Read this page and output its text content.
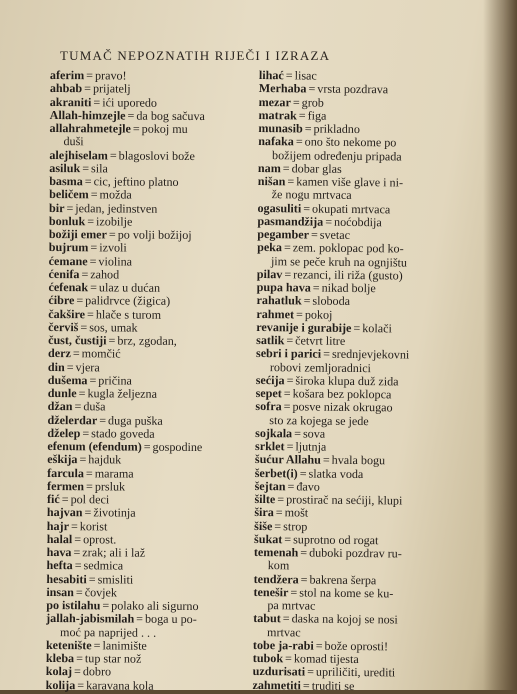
TUMAČ NEPOZNATIH RIJEČI I IZRAZA
aferim = pravo!
ahbab = prijatelj
akraniti = ići uporedo
Allah-himzejle = da bog sačuva
allahrahmetejle = pokoj mu
duši
alejhiselam = blagoslovi bože
asiluk = sila
basma = cic, jeftino platno
beličem = možda
bir = jedan, jedinstven
bonluk = izobilje
božiji emer = po volji božijoj
bujrum = izvoli
ćemane = violina
ćenifa = zahod
ćefenak = ulaz u dućan
ćibre = palidrvce (žigica)
čakšire = hlače s turom
červiš = sos, umak
čust, čustiji = brz, zgodan,
derz = momčić
din = vjera
dušema = pričina
dunle = kugla željezna
džan = duša
dželerdar = duga puška
dželep = stado goveda
efenum (efendum) = gospodine
eškija = hajduk
farcula = marama
fermen = prsluk
fić = pol deci
hajvan = životinja
hajr = korist
halal = oprost.
hava = zrak; ali i laž
hefta = sedmica
hesabiti = smisliti
insan = čovjek
po istilahu = polako ali sigurno
jallah-jabismilah = boga u po-
moć pa naprijed . . .
ketenište = lanimište
kleba = tup star nož
kolaj = dobro
kolija = karavana kola
lihać = lisac
Merhaba = vrsta pozdrava
mezar = grob
matrak = figa
munasib = prikladno
nafaka = ono što nekome po
božijem određenju pripada
nam = dobar glas
nišan = kamen više glave i ni-
že nogu mrtvaca
ogasuliti = okupati mrtvaca
pasmandžija = noćobdija
pegamber = svetac
peka = zem. poklopac pod ko-
jim se peče kruh na ognjištu
pilav = rezanci, ili riža (gusto)
pupa hava = nikad bolje
rahatluk = sloboda
rahmet = pokoj
revanije i gurabije = kolači
satlik = četvrt litre
sebri i parici = srednjevjekovni
robovi zemljoradnici
sećija = široka klupa duž zida
sepet = košara bez poklopca
sofra = posve nizak okrugao
sto za kojega se jede
sojkala = sova
srklet = ljutnja
šućur Allahu = hvala bogu
šerbet(i) = slatka voda
šejtan = đavo
šilte = prostirač na sećiji, klupi
šira = mošt
šiše = strop
šukat = suprotno od rogat
temenah = duboki pozdrav ru-
kom
tendžera = bakrena šerpa
tenešir = stol na kome se ku-
pa mrtvac
tabut = daska na kojoj se nosi
mrtvac
tobe ja-rabi = bože oprosti!
tubok = komad tijesta
uzdurisati = upriličiti, urediti
zahmetiti = truditi se
